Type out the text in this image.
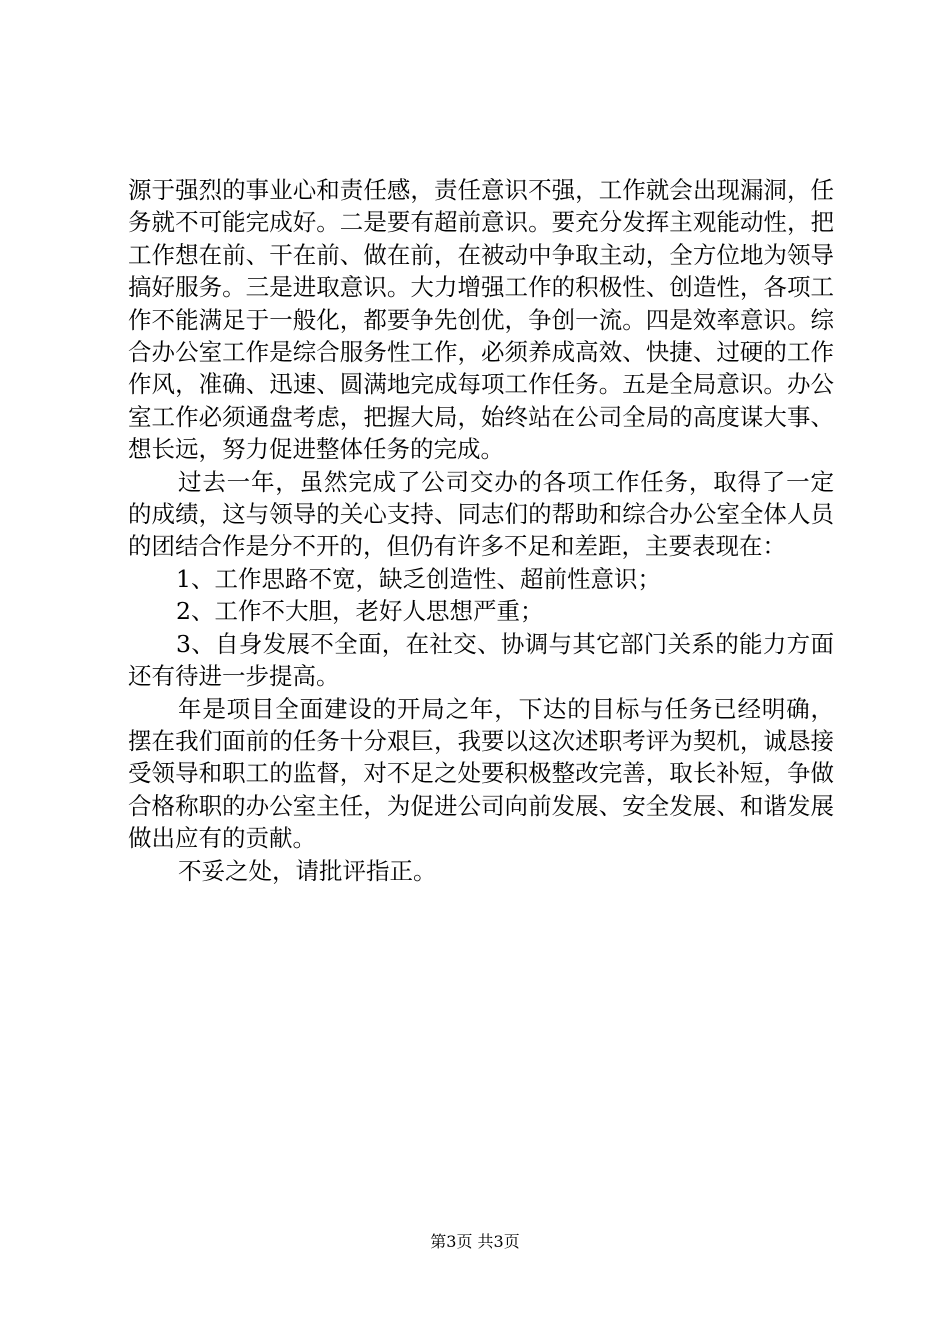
源于强烈的事业心和责任感，责任意识不强，工作就会出现漏洞，任务就不可能完成好。二是要有超前意识。要充分发挥主观能动性，把工作想在前、干在前、做在前，在被动中争取主动，全方位地为领导搞好服务。三是进取意识。大力增强工作的积极性、创造性，各项工作不能满足于一般化，都要争先创优，争创一流。四是效率意识。综合办公室工作是综合服务性工作，必须养成高效、快捷、过硬的工作作风，准确、迅速、圆满地完成每项工作任务。五是全局意识。办公室工作必须通盘考虑，把握大局，始终站在公司全局的高度谋大事、想长远，努力促进整体任务的完成。

过去一年，虽然完成了公司交办的各项工作任务，取得了一定的成绩，这与领导的关心支持、同志们的帮助和综合办公室全体人员的团结合作是分不开的，但仍有许多不足和差距，主要表现在：

1、工作思路不宽，缺乏创造性、超前性意识；

2、工作不大胆，老好人思想严重；

3、自身发展不全面，在社交、协调与其它部门关系的能力方面还有待进一步提高。

年是项目全面建设的开局之年，下达的目标与任务已经明确，摆在我们面前的任务十分艰巨，我要以这次述职考评为契机，诚恳接受领导和职工的监督，对不足之处要积极整改完善，取长补短，争做合格称职的办公室主任，为促进公司向前发展、安全发展、和谐发展做出应有的贡献。

不妥之处，请批评指正。

第3页 共3页
